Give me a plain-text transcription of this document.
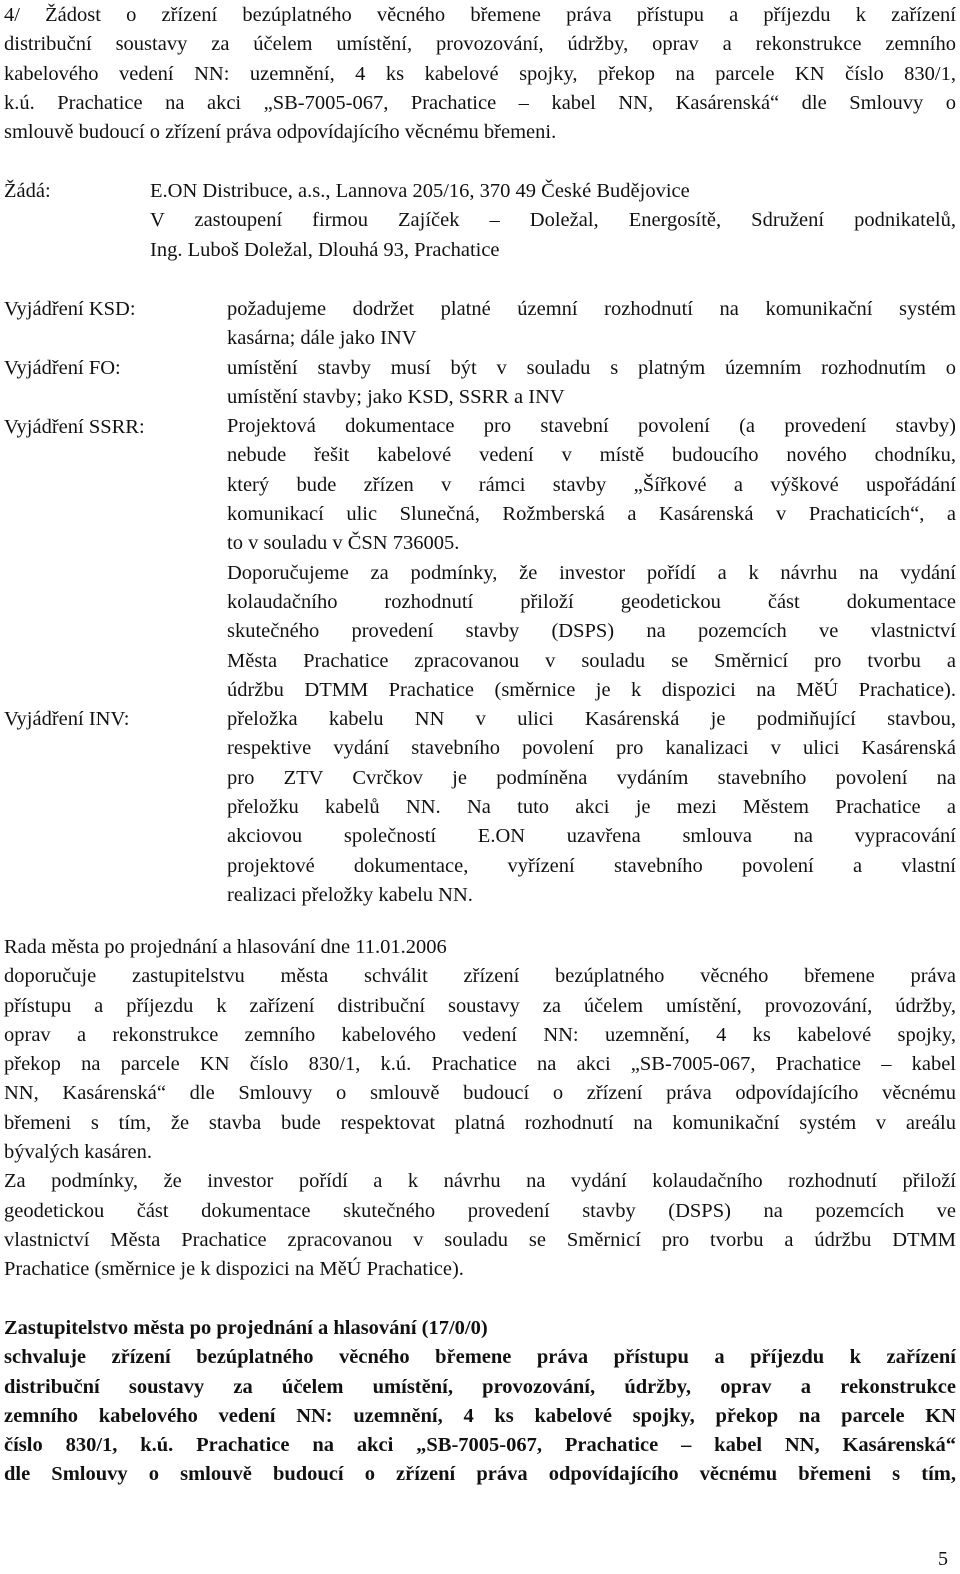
4/ Žádost o zřízení bezúplatného věcného břemene práva přístupu a příjezdu k zařízení
distribuční soustavy za účelem umístění, provozování, údržby, oprav a rekonstrukce zemního
kabelového vedení NN: uzemnění, 4 ks kabelové spojky, překop na parcele KN číslo 830/1,
k.ú. Prachatice na akci „SB-7005-067, Prachatice – kabel NN, Kasárenská“ dle Smlouvy o
smlouvě budoucí o zřízení práva odpovídajícího věcnému břemeni.
Žádá:	E.ON Distribuce, a.s., Lannova 205/16, 370 49 České Budějovice
V zastoupení firmou Zajíček – Doležal, Energosítě, Sdružení podnikatelů,
Ing. Luboš Doležal, Dlouhá 93, Prachatice
Vyjádření KSD:
Vyjádření FO:
Vyjádření SSRR:
Vyjádření INV:
požadujeme dodržet platné územní rozhodnutí na komunikační systém
kasárna; dále jako INV
umístění stavby musí být v souladu s platným územním rozhodnutím o
umístění stavby; jako KSD, SSRR a INV
Projektová dokumentace pro stavební povolení (a provedení stavby)
nebude řešit kabelové vedení v místě budoucího nového chodníku,
který bude zřízen v rámci stavby „Šířkové a výškové uspořádání
komunikací ulic Slunečná, Rožmberská a Kasárenská v Prachaticích“, a
to v souladu v ČSN 736005.
Doporučujeme za podmínky, že investor pořídí a k návrhu na vydání
kolaudačního rozhodnutí přiloží geodetickou část dokumentace
skutečného provedení stavby (DSPS) na pozemcích ve vlastnictví
Města Prachatice zpracovanou v souladu se Směrnicí pro tvorbu a
údržbu DTMM Prachatice (směrnice je k dispozici na MěÚ Prachatice).
přeložka kabelu NN v ulici Kasárenská je podmiňující stavbou,
respektive vydání stavebního povolení pro kanalizaci v ulici Kasárenská
pro ZTV Cvrčkov je podmíněna vydáním stavebního povolení na
přeložku kabelů NN. Na tuto akci je mezi Městem Prachatice a
akciovou společností E.ON uzavřena smlouva na vypracování
projektové dokumentace, vyřízení stavebního povolení a vlastní
realizaci přeložky kabelu NN.
Rada města po projednání a hlasování dne 11.01.2006
doporučuje zastupitelstvu města schválit zřízení bezúplatného věcného břemene práva
přístupu a příjezdu k zařízení distribuční soustavy za účelem umístění, provozování, údržby,
oprav a rekonstrukce zemního kabelového vedení NN: uzemnění, 4 ks kabelové spojky,
překop na parcele KN číslo 830/1, k.ú. Prachatice na akci „SB-7005-067, Prachatice – kabel
NN, Kasárenská“ dle Smlouvy o smlouvě budoucí o zřízení práva odpovídajícího věcnému
břemeni s tím, že stavba bude respektovat platná rozhodnutí na komunikační systém v areálu
bývalých kasáren.
Za podmínky, že investor pořídí a k návrhu na vydání kolaudačního rozhodnutí přiloží
geodetickou část dokumentace skutečného provedení stavby (DSPS) na pozemcích ve
vlastnictví Města Prachatice zpracovanou v souladu se Směrnicí pro tvorbu a údržbu DTMM
Prachatice (směrnice je k dispozici na MěÚ Prachatice).
Zastupitelstvo města po projednání a hlasování (17/0/0)
schvaluje zřízení bezúplatného věcného břemene práva přístupu a příjezdu k zařízení
distribuční soustavy za účelem umístění, provozování, údržby, oprav a rekonstrukce
zemního kabelového vedení NN: uzemnění, 4 ks kabelové spojky, překop na parcele KN
číslo 830/1, k.ú. Prachatice na akci „SB-7005-067, Prachatice – kabel NN, Kasárenská“
dle Smlouvy o smlouvě budoucí o zřízení práva odpovídajícího věcnému břemeni s tím,
5
